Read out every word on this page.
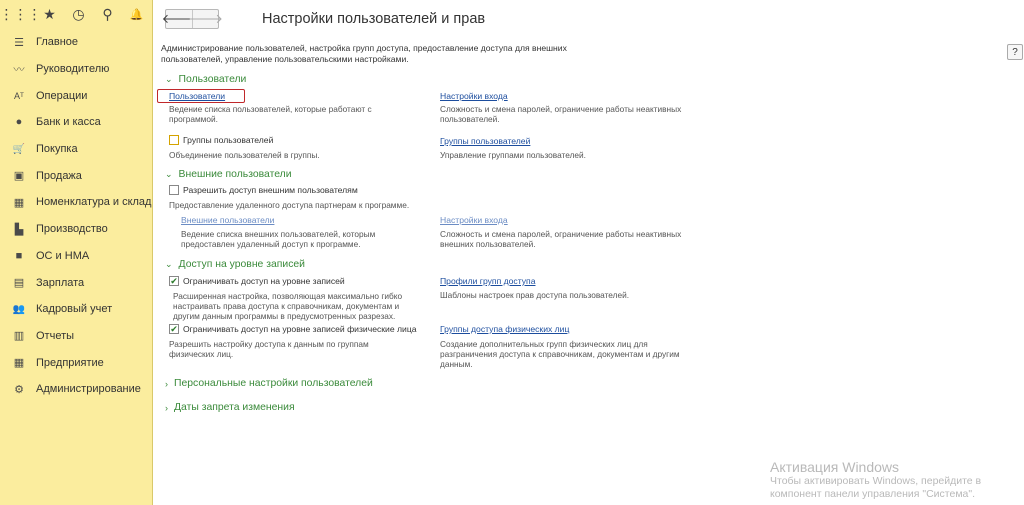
⋮⋮⋮ ★	◷	⚲	🔔
☰ Главное
〰 Руководителю
Aᵀ Операции
●	Банк и касса
🛒 Покупка
▣ Продажа
▦ Номенклатура и склад
▙	Производство
■	ОС и НМА
▤ Зарплата
👥 Кадровый учет
▥ Отчеты
▦ Предприятие
⚙ Администрирование
🡐
🡒	Настройки пользователей и прав
?
Администрирование пользователей, настройка групп доступа, предоставление доступа для внешних пользователей, управление пользовательскими настройками.
⌄ Пользователи
Пользователи
Ведение списка пользователей, которые работают с программой.
Настройки входа
Сложность и смена паролей, ограничение работы неактивных пользователей.
Группы пользователей
Объединение пользователей в группы.
Группы пользователей
Управление группами пользователей.
⌄ Внешние пользователи
Разрешить доступ внешним пользователям
Предоставление удаленного доступа партнерам к программе.
Внешние пользователи
Ведение списка внешних пользователей, которым предоставлен удаленный доступ к программе.
Настройки входа
Сложность и смена паролей, ограничение работы неактивных внешних пользователей.
⌄ Доступ на уровне записей
✔ Ограничивать доступ на уровне записей
Расширенная настройка, позволяющая максимально гибко настраивать права доступа к справочникам, документам и другим данным программы в предусмотренных разрезах.
Профили групп доступа
Шаблоны настроек прав доступа пользователей.
✔ Ограничивать доступ на уровне записей физические лица
Разрешить настройку доступа к данным по группам физических лиц.
Группы доступа физических лиц
Создание дополнительных групп физических лиц для разграничения доступа к справочникам, документам и другим данным.
› Персональные настройки пользователей
› Даты запрета изменения
Активация Windows
Чтобы активировать Windows, перейдите в
компонент панели управления "Система".
